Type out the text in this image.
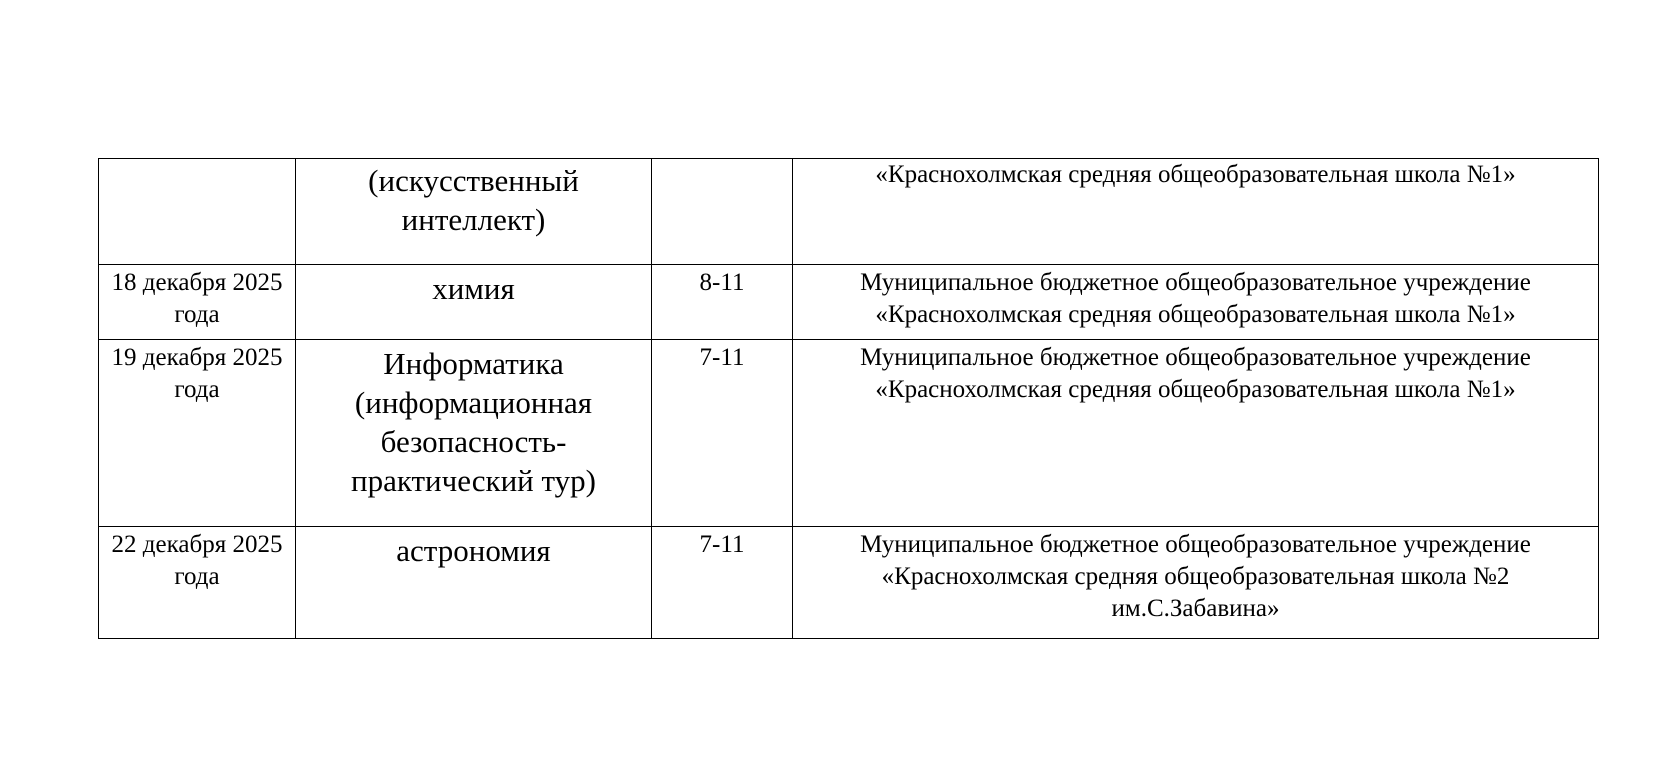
	(искусственный интеллект)		«Краснохолмская средняя общеобразовательная школа №1»

18 декабря 2025 года	химия	8-11	Муниципальное бюджетное общеобразовательное учреждение «Краснохолмская средняя общеобразовательная школа №1»

19 декабря 2025 года	Информатика (информационная безопасность-практический тур)	7-11	Муниципальное бюджетное общеобразовательное учреждение «Краснохолмская средняя общеобразовательная школа №1»

22 декабря 2025 года	астрономия	7-11	Муниципальное бюджетное общеобразовательное учреждение «Краснохолмская средняя общеобразовательная школа №2 им.С.Забавина»
